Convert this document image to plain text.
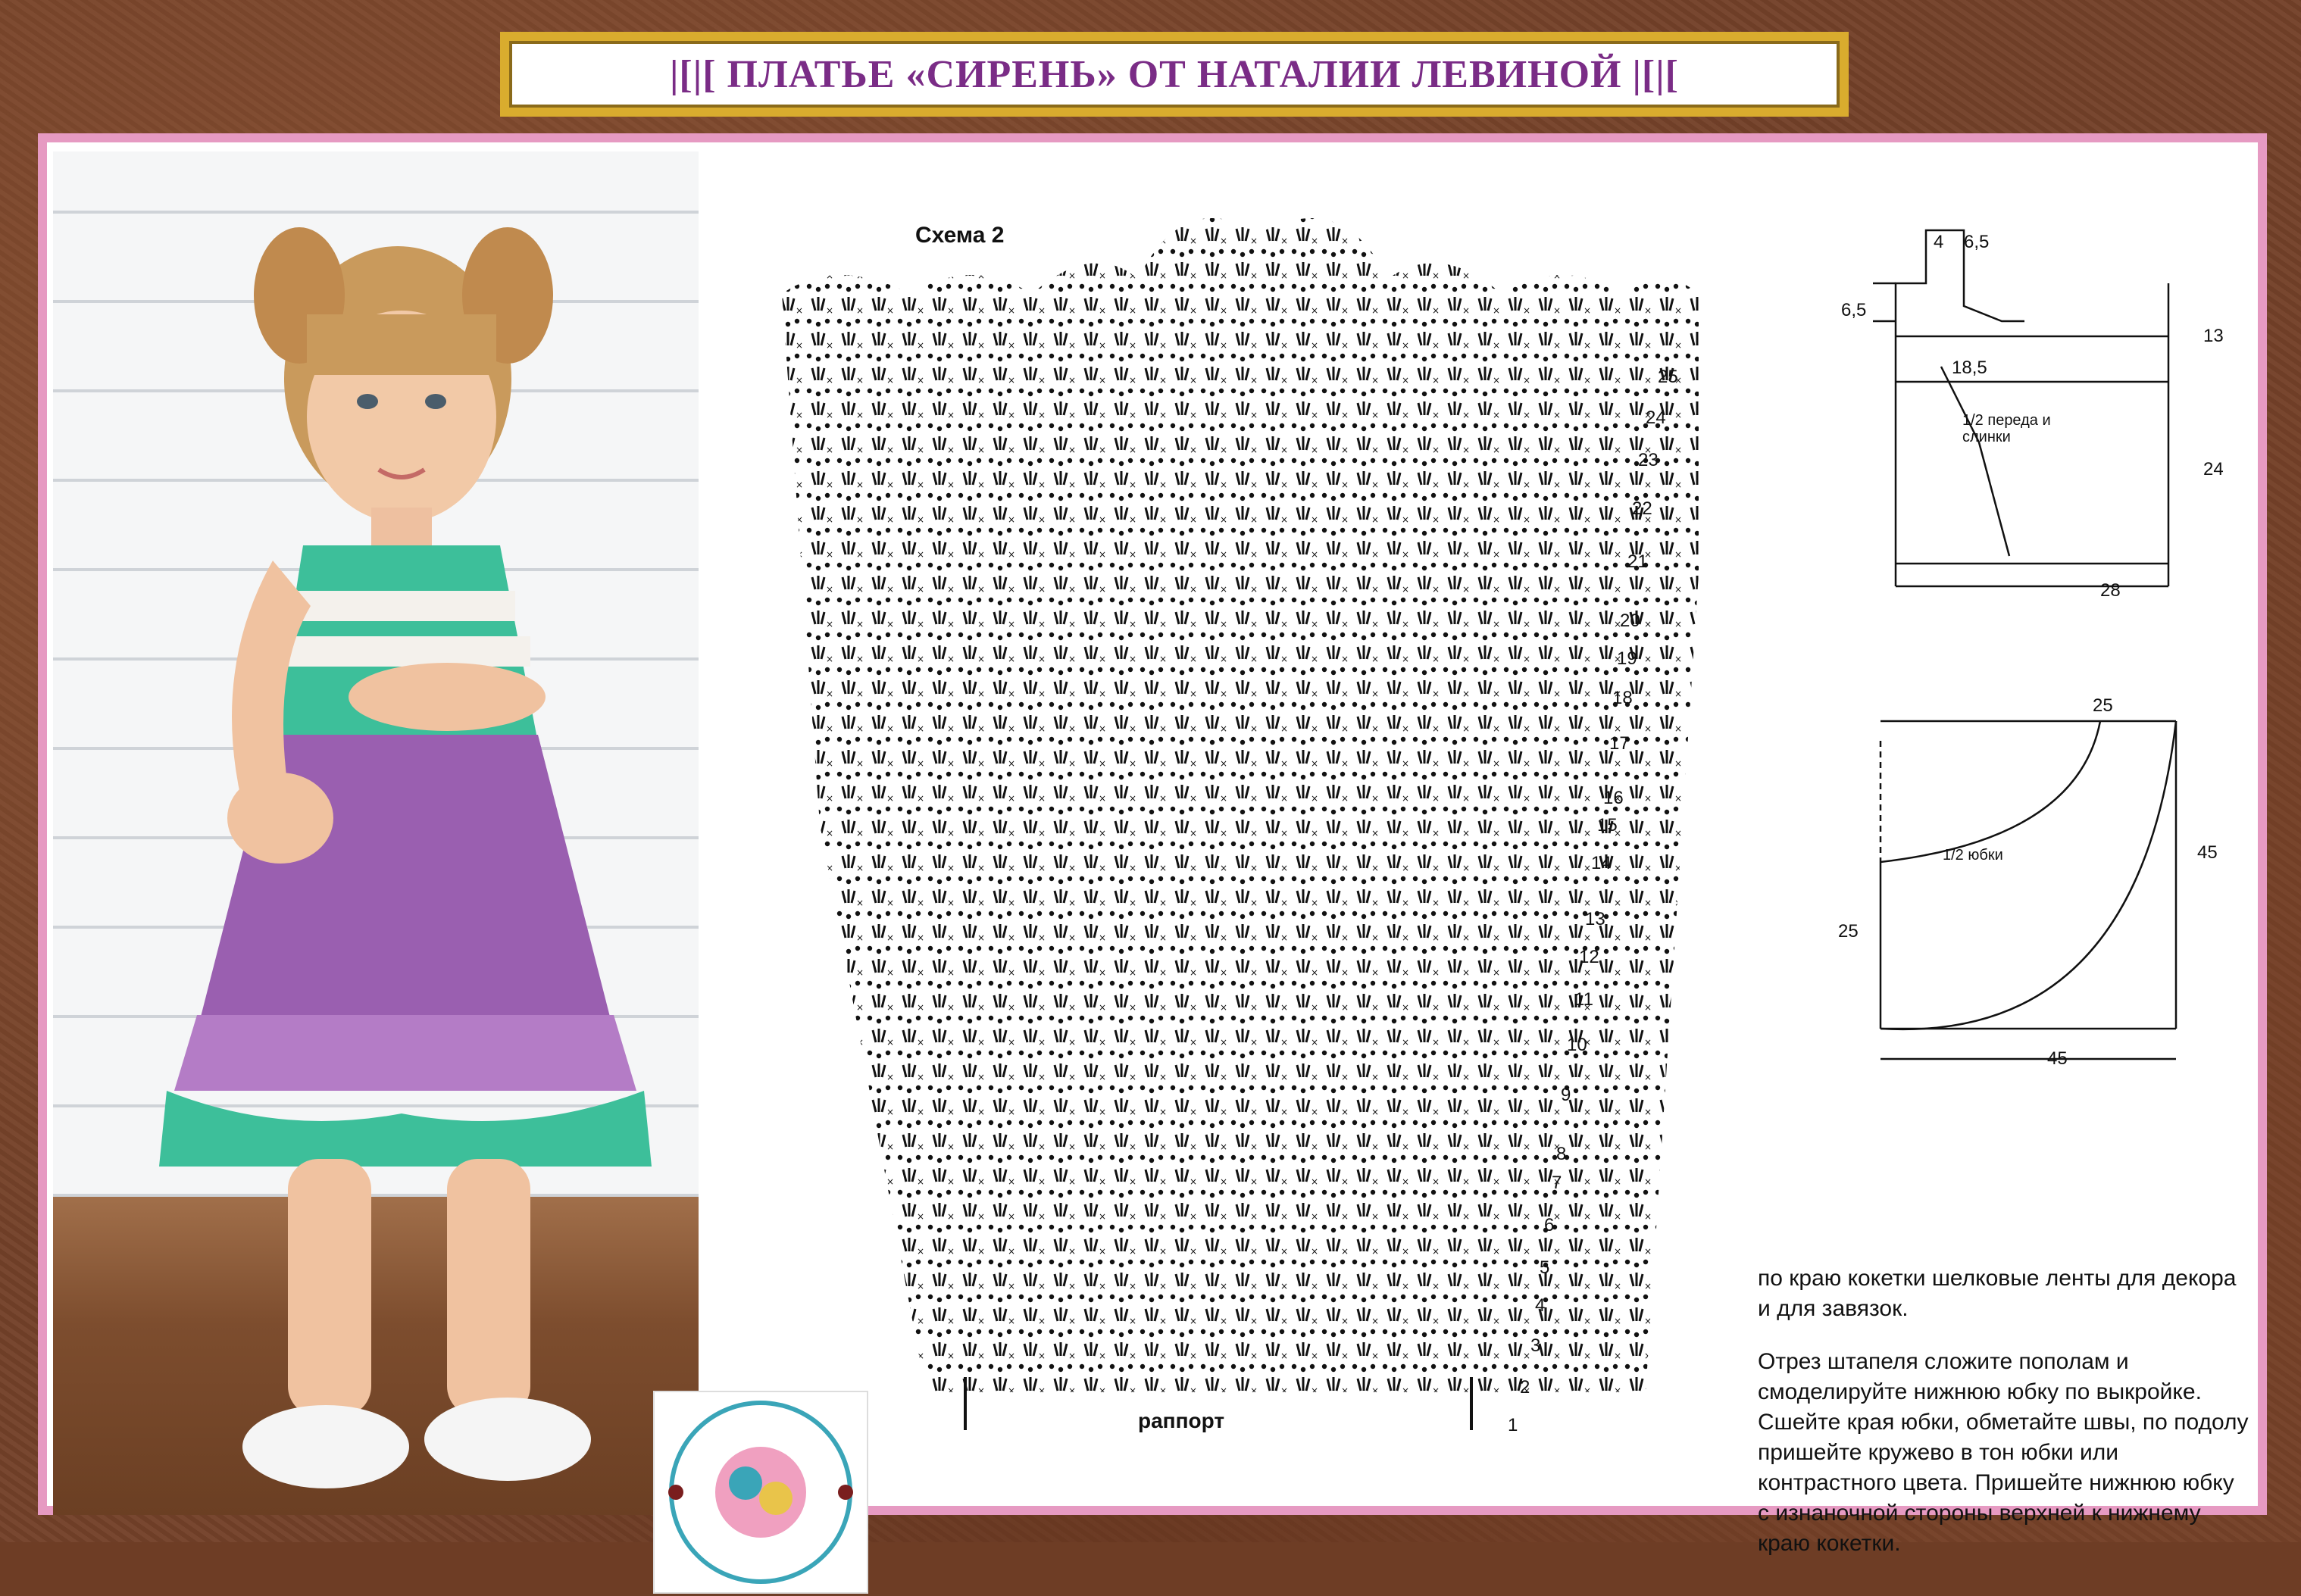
|[|[ ПЛАТЬЕ «СИРЕНЬ» ОТ НАТАЛИИ ЛЕВИНОЙ |[|[
Схема 2
раппорт	1
2
3
4
5
6
7
8
9
10
11
12
13
14
15
16
17
18
19
20
21
22
23
24
25
4 6,5
6,5
13
18,5
24
28
1/2 переда и слинки
25
45
25
45
1/2 юбки

по краю кокетки шелковые ленты для декора и для завязок.

Отрез штапеля сложите пополам и смоделируйте нижнюю юбку по выкройке. Сшейте края юбки, обметайте швы, по подолу пришейте кружево в тон юбки или контрастного цвета. Пришейте нижнюю юбку с изнаночной стороны верхней к нижнему краю кокетки.
